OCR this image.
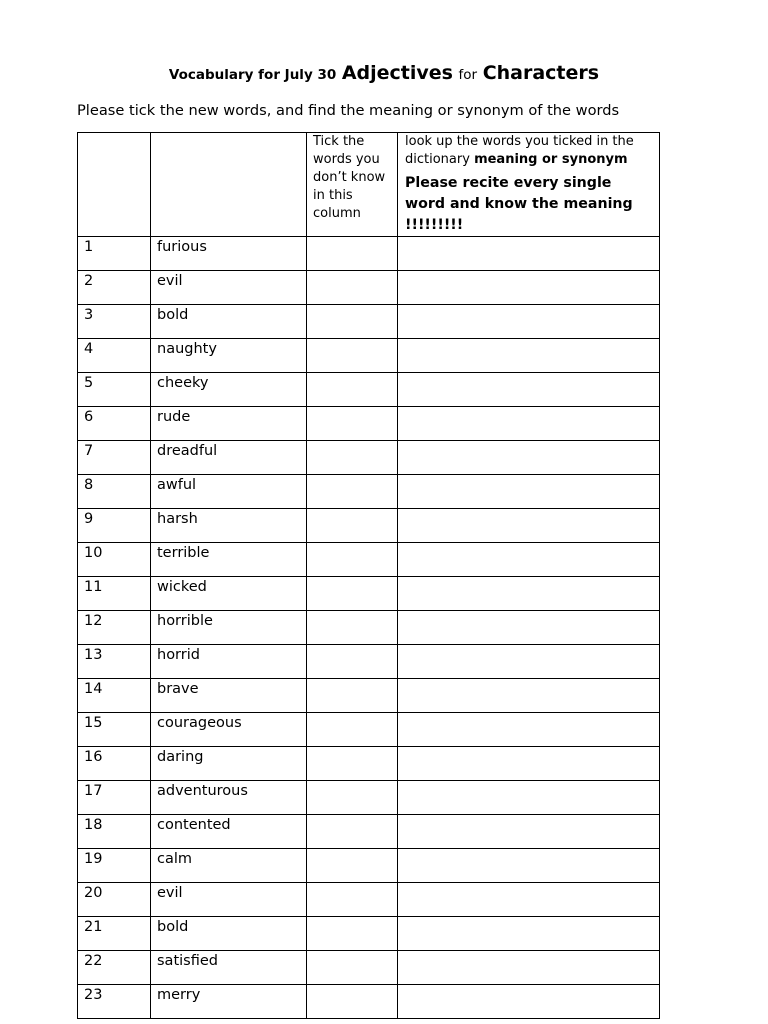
Vocabulary for July 30 Adjectives for Characters
Please tick the new words, and find the meaning or synonym of the words
		Tick the words you don’t know in this column	look up the words you ticked in the dictionary meaning or synonym
Please recite every single word and know the meaning !!!!!!!!!

1	furious		
2	evil		
3	bold		
4	naughty		
5	cheeky		
6	rude		
7	dreadful		
8	awful		
9	harsh		
10	terrible		
11	wicked		
12	horrible		
13	horrid		
14	brave		
15	courageous		
16	daring		
17	adventurous		
18	contented		
19	calm		
20	evil		
21	bold		
22	satisfied		
23	merry		
